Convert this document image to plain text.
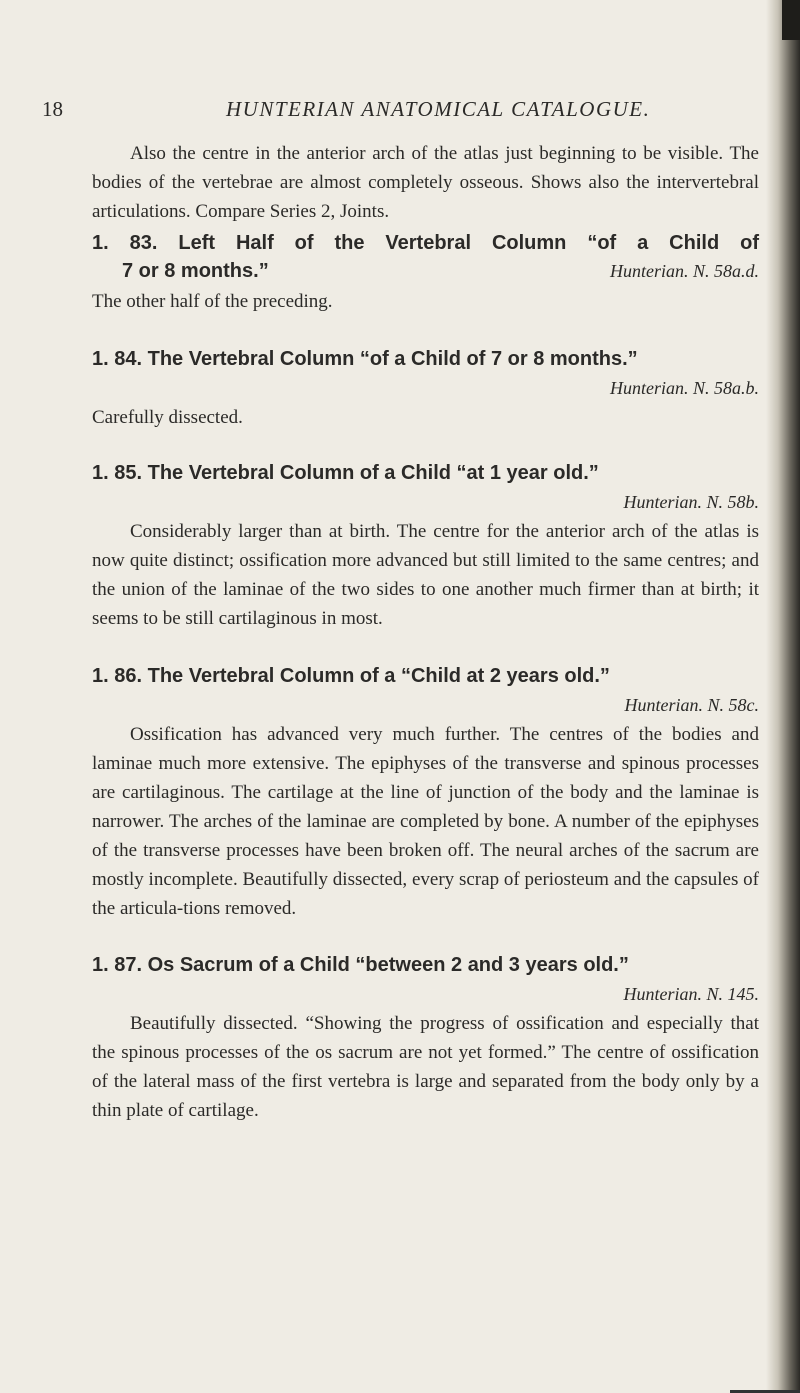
18	HUNTERIAN ANATOMICAL CATALOGUE.

Also the centre in the anterior arch of the atlas just beginning to be visible. The bodies of the vertebrae are almost completely osseous. Shows also the intervertebral articulations. Compare Series 2, Joints.

1. 83. Left Half of the Vertebral Column “of a Child of
7 or 8 months.”	Hunterian. N. 58a.d.

The other half of the preceding.

1. 84. The Vertebral Column “of a Child of 7 or 8 months.”
Hunterian. N. 58a.b.

Carefully dissected.

1. 85. The Vertebral Column of a Child “at 1 year old.”
Hunterian. N. 58b.

Considerably larger than at birth. The centre for the anterior arch of the atlas is now quite distinct; ossification more advanced but still limited to the same centres; and the union of the laminae of the two sides to one another much firmer than at birth; it seems to be still cartilaginous in most.

1. 86. The Vertebral Column of a “Child at 2 years old.”
Hunterian. N. 58c.

Ossification has advanced very much further. The centres of the bodies and laminae much more extensive. The epiphyses of the transverse and spinous processes are cartilaginous. The cartilage at the line of junction of the body and the laminae is narrower. The arches of the laminae are completed by bone. A number of the epiphyses of the transverse processes have been broken off. The neural arches of the sacrum are mostly incomplete. Beautifully dissected, every scrap of periosteum and the capsules of the articula-tions removed.

1. 87. Os Sacrum of a Child “between 2 and 3 years old.”
Hunterian. N. 145.

Beautifully dissected. “Showing the progress of ossification and especially that the spinous processes of the os sacrum are not yet formed.” The centre of ossification of the lateral mass of the first vertebra is large and separated from the body only by a thin plate of cartilage.
